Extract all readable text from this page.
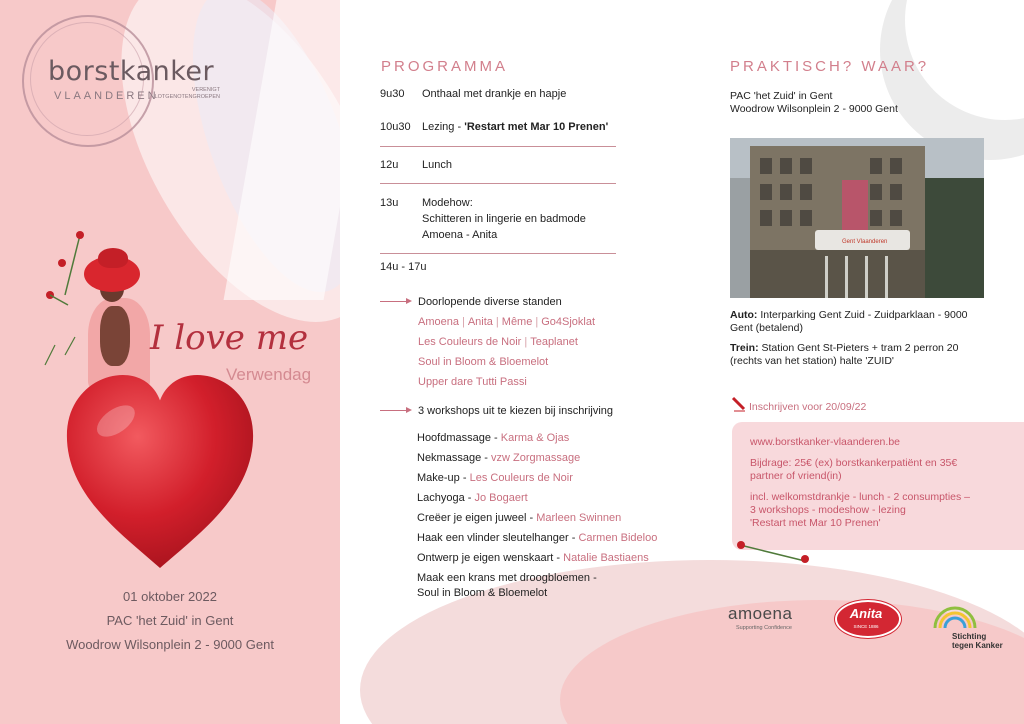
borstkanker
VLAANDEREN	VERENIGT LOTGENOTENGROEPEN
I love me
Verwendag
01 oktober 2022
PAC 'het Zuid' in Gent
Woodrow Wilsonplein 2 - 9000 Gent
PROGRAMMA
9u30 Onthaal met drankje en hapje
10u30 Lezing - 'Restart met Mar 10 Prenen'
12u Lunch
13u Modehow:
Schitteren in lingerie en badmode
Amoena - Anita
14u - 17u
Doorlopende diverse standen
Amoena | Anita | Même | Go4Sjoklat
Les Couleurs de Noir | Teaplanet
Soul in Bloom & Bloemelot
Upper dare Tutti Passi
3 workshops uit te kiezen bij inschrijving
Hoofdmassage - Karma & Ojas
Nekmassage - vzw Zorgmassage
Make-up - Les Couleurs de Noir
Lachyoga - Jo Bogaert
Creëer je eigen juweel - Marleen Swinnen
Haak een vlinder sleutelhanger - Carmen Bideloo
Ontwerp je eigen wenskaart - Natalie Bastiaens
Maak een krans met droogbloemen -
Soul in Bloom & Bloemelot
PRAKTISCH? WAAR?
PAC 'het Zuid' in Gent
Woodrow Wilsonplein 2 - 9000 Gent
Gent Vlaanderen
Auto: Interparking Gent Zuid - Zuidparklaan - 9000
Gent (betalend)
Trein: Station Gent St-Pieters + tram 2 perron 20
(rechts van het station) halte 'ZUID'
Inschrijven voor 20/09/22
www.borstkanker-vlaanderen.be
Bijdrage: 25€ (ex) borstkankerpatiënt en 35€
partner of vriend(in)
incl. welkomstdrankje - lunch - 2 consumpties –
3 workshops - modeshow - lezing
'Restart met Mar 10 Prenen'
amoena
Supporting Confidence
Anita
SINCE 1886
Stichting
tegen Kanker
